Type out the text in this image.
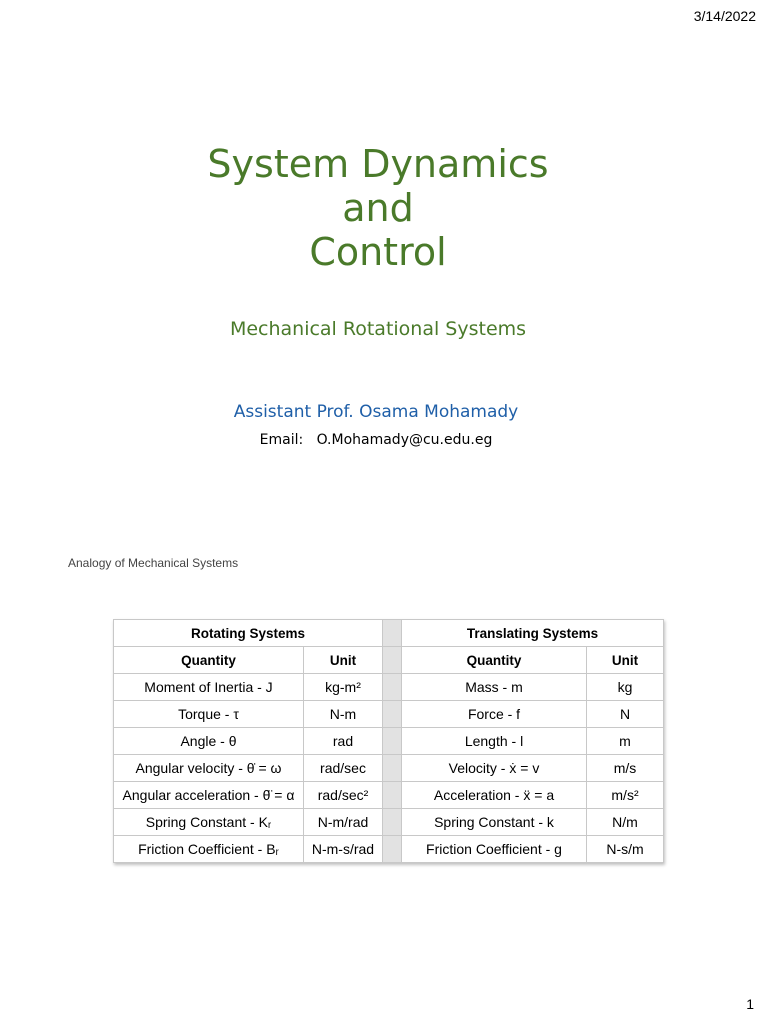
3/14/2022
System Dynamics
and
Control
Mechanical Rotational Systems
Assistant Prof. Osama Mohamady
Email: O.Mohamady@cu.edu.eg
Analogy of Mechanical Systems
Rotating Systems			Translating Systems	
Quantity	Unit		Quantity	Unit
Moment of Inertia - J	kg-m²		Mass - m	kg
Torque - τ	N-m		Force - f	N
Angle - θ	rad		Length - l	m
Angular velocity - θ̇ = ω	rad/sec		Velocity - ẋ = v	m/s
Angular acceleration - θ̈ = α	rad/sec²		Acceleration - ẍ = a	m/s²
Spring Constant - Kᵣ	N-m/rad		Spring Constant - k	N/m
Friction Coefficient - Bᵣ	N-m-s/rad		Friction Coefficient - g	N-s/m
1
